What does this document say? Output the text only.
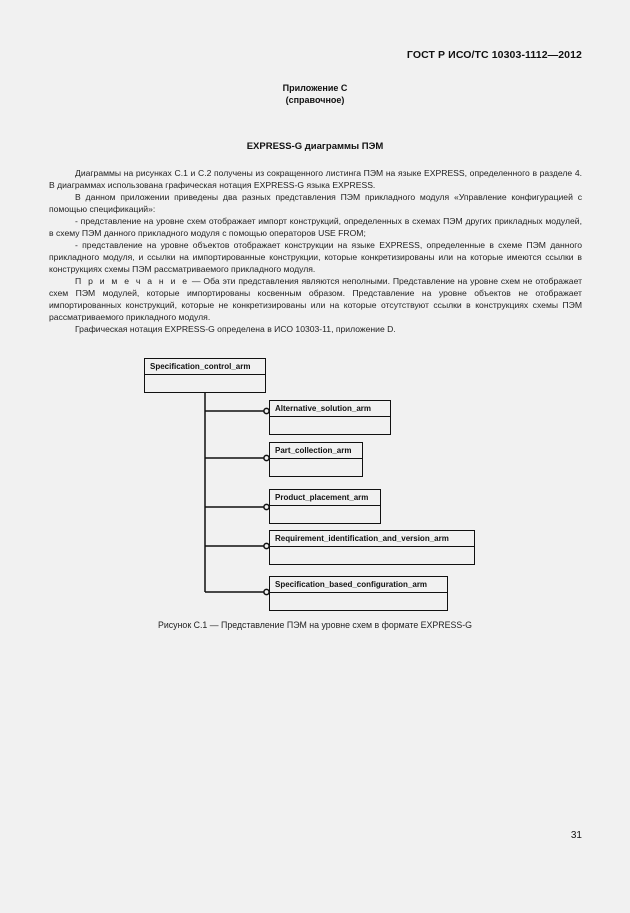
ГОСТ Р ИСО/ТС 10303-1112—2012
Приложение С
(справочное)
EXPRESS-G диаграммы ПЭМ

Диаграммы на рисунках С.1 и С.2 получены из сокращенного листинга ПЭМ на языке EXPRESS, определенного в разделе 4. В диаграммах использована графическая нотация EXPRESS-G языка EXPRESS.

В данном приложении приведены два разных представления ПЭМ прикладного модуля «Управление конфигурацией с помощью спецификаций»:

- представление на уровне схем отображает импорт конструкций, определенных в схемах ПЭМ других прикладных модулей, в схему ПЭМ данного прикладного модуля с помощью операторов USE FROM;

- представление на уровне объектов отображает конструкции на языке EXPRESS, определенные в схеме ПЭМ данного прикладного модуля, и ссылки на импортированные конструкции, которые конкретизированы или на которые имеются ссылки в конструкциях схемы ПЭМ рассматриваемого прикладного модуля.

П р и м е ч а н и е — Оба эти представления являются неполными. Представление на уровне схем не отображает схем ПЭМ модулей, которые импортированы косвенным образом. Представление на уровне объектов не отображает импортированных конструкций, которые не конкретизированы или на которые отсутствуют ссылки в конструкциях схемы ПЭМ рассматриваемого прикладного модуля.

Графическая нотация EXPRESS-G определена в ИСО 10303-11, приложение D.

Specification_control_arm
Alternative_solution_arm
Part_collection_arm
Product_placement_arm
Requirement_identification_and_version_arm
Specification_based_configuration_arm
Рисунок С.1 — Представление ПЭМ на уровне схем в формате EXPRESS-G
31
